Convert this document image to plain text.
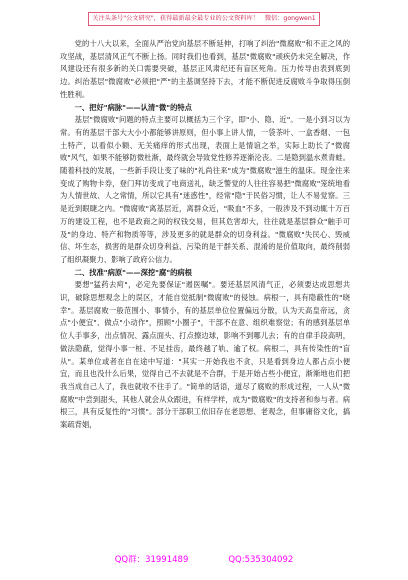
关注头条号"公文研究"，获得最新最全最专业的公文资料库！ 微信：gongwen1

党的十八大以来，全面从严治党向基层不断延伸，打响了纠治"微腐败"和不正之风的攻坚战，基层清风正气不断上扬。同时我们也看到，基层"微腐败"顽疾仍未完全解决，作风建设还有很多新的关口需要突破，基层正风肃纪还有盲区死角。压力传导由表到底到边。纠治基层"微腐败"必须把"严"的主基调坚持下去，才能不断促进反腐败斗争取得压倒性胜利。

一、把好"病脉"——认清"微"的特点

基层"微腐败"问题的特点主要可以概括为三个字，即"小、隐、近"。一是小到习以为常。有的基层干部大大小小都能够讲原则，但小事上讲人情，一袋茶叶、一盒香烟、一包土特产，以看似小额、无关痛痒的形式出现，表面上是情谊之举，实际上助长了"微腐败"风气，如果不能够防微杜渐，最终就会导致党性修养逐渐沦丧。二是隐到温水煮青蛙。随着科技的发展，一些新手段让变了味的"礼尚往来"成为"微腐败"滋生的温床。现金往来变成了购物卡券，登门拜访变成了电商送礼，缺乏警觉的人往往容易把"微腐败"笼统地看为人情世故、人之常情，所以它具有"迷惑性"，经常"隐"于民俗习惯，让人不易觉察。三是近到眼睫之内。"微腐败"离基层近，离群众近，"吸血"不多，一般涉及不到动辄十万百万的建设工程，也不是政商之间的权钱交易，但其危害却大，往往就是基层群众"触手可及"的身边、特产和物质等等，涉及更多的就是群众的切身利益。"微腐败"失民心、毁威信、坏生态，损害的是群众切身利益、污染的是干群关系、混淆的是价值取向，最终削弱了组织凝聚力、影响了政府公信力。

二、找准"病原"——深挖"腐"的病根

要想"猛药去疴"，必定先要保证"遏医嘱"。要还基层风清气正，必须要达成思想共识，破除思想观念上的误区，才能自觉抵制"微腐败"的侵蚀。病根一，具有隐蔽性的"晓幸"。基层腐败一般范围小、事情小，有的基层单位位置偏远分散，认为天高皇帝远，贪点"小便宜"、做点"小动作"，照顾"小圈子"，干部不在意、组织难察觉；有的感到基层单位人手事多，出点情况、露点面头、打点擦边球，影响不到哪儿去；有的自律手段高明，做法隐蔽，觉得小事一桩、不足挂齿，最终越了轨、逾了权。病根二，具有传染性的"盲从"。某单位或者在自在途中写道："其实一开始我也不贪，只是看到身边人都占点小便宜，而且也没什么后果，觉得自己不去就是不合群，于是开始占些小便宜，渐渐地也们把我当成自己人了，我也就收不住手了。"简单的话语，道尽了腐败的形成过程，一人从"微腐败"中尝到甜头，其他人就会从众跟进，有样学样，成为"微腐败"的支持者和参与者。病根三，具有反复性的"习惯"。部分干部职工依旧存在老思想、老观念，但事庸俗文化，搞案疏背娼，

QQ群：31991489	QQ:535304092
